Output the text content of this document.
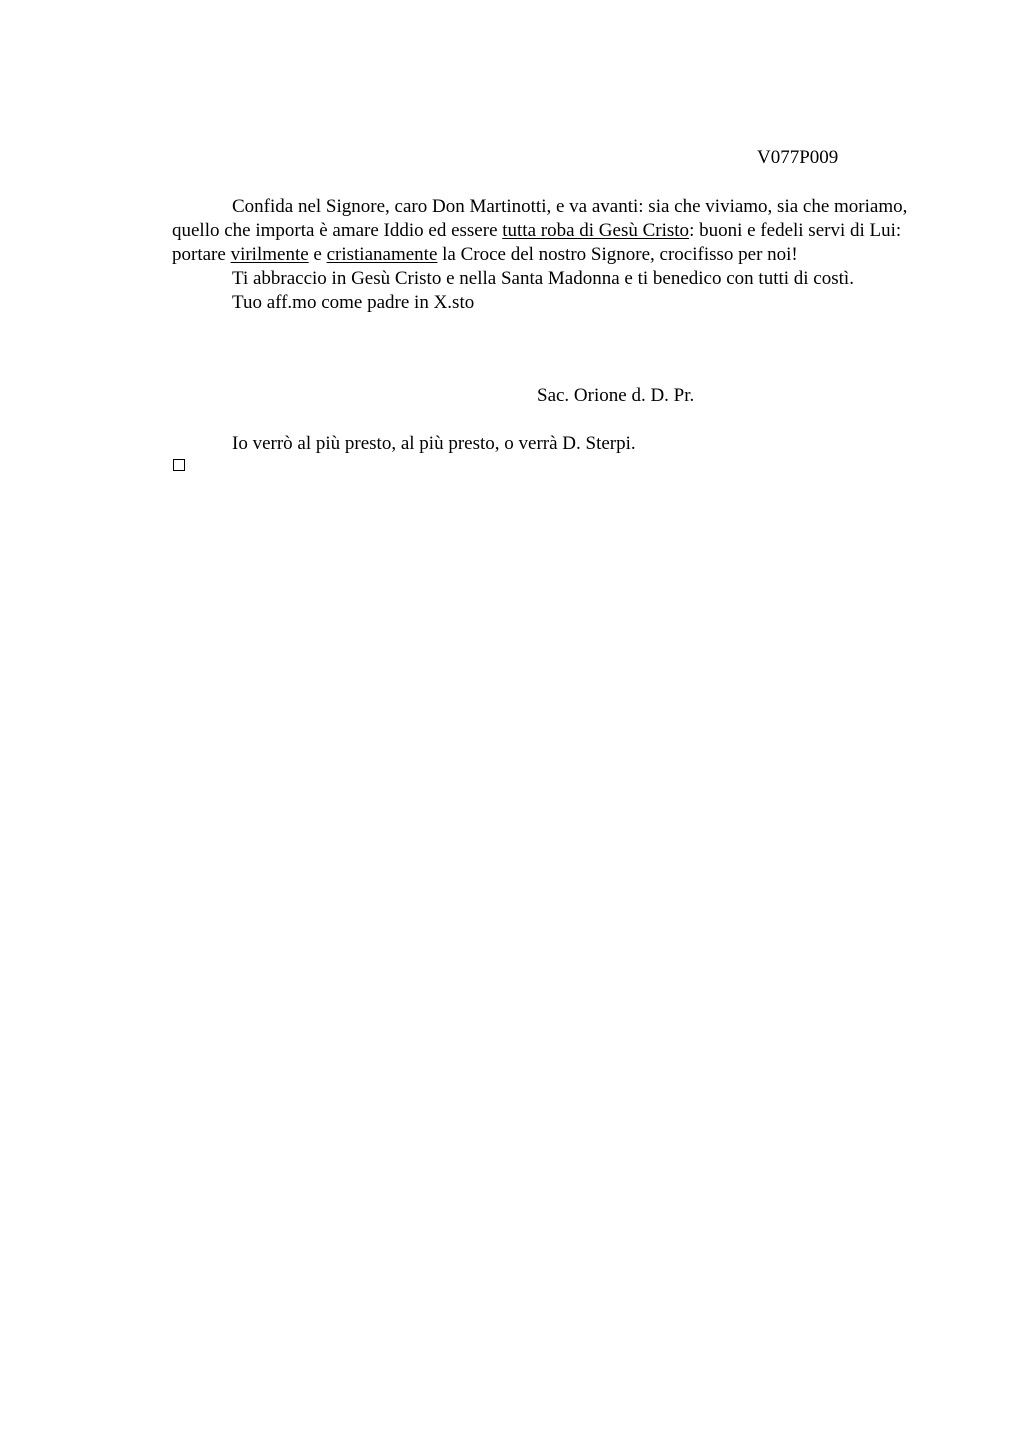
V077P009

Confida nel Signore, caro Don Martinotti, e va avanti: sia che viviamo, sia che moriamo, quello che importa è amare Iddio ed essere tutta roba di Gesù Cristo: buoni e fedeli servi di Lui: portare virilmente e cristianamente la Croce del nostro Signore, crocifisso per noi!

Ti abbraccio in Gesù Cristo e nella Santa Madonna e ti benedico con tutti di costì.

Tuo aff.mo come padre in X.sto

Sac. Orione d. D. Pr.
Io verrò al più presto, al più presto, o verrà D. Sterpi.
